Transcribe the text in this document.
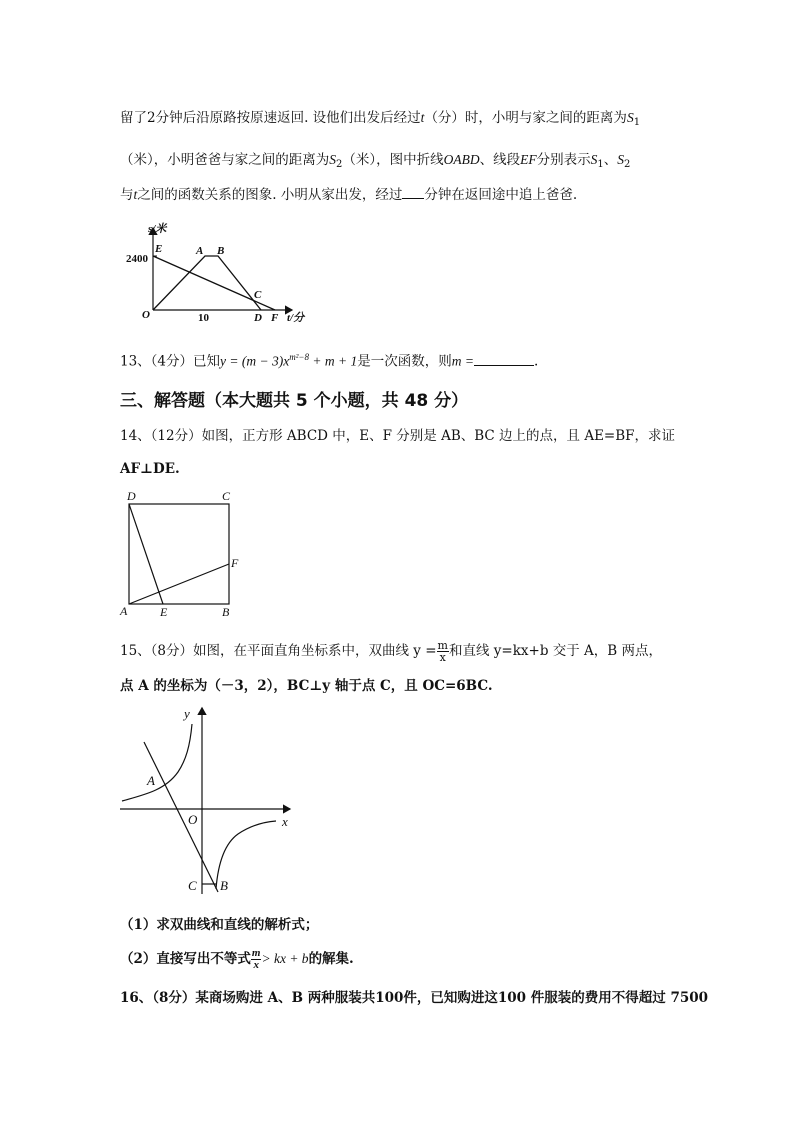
留了2分钟后沿原路按原速返回. 设他们出发后经过t（分）时，小明与家之间的距离为$S_1$
（米），小明爸爸与家之间的距离为$S_2$（米），图中折线OABD、线段EF分别表示$S_1$、$S_2$
与t之间的函数关系的图象. 小明从家出发，经过 分钟在返回途中追上爸爸.
s/米
t/分
2400
10
O
E	A B
C
D F
13、（4分）已知$y = (m - 3)x^{m^2-8} + m + 1$是一次函数，则m =	.
三、解答题（本大题共 5 个小题，共 48 分）
14、（12分）如图，正方形 ABCD 中，E、F 分别是 AB、BC 边上的点，且 AE=BF，求证
AF⊥DE.
D	C
F
A	E	B
15、（8分）如图，在平面直角坐标系中，双曲线 $y = \frac{m}{x}$ 和直线 y=kx+b 交于 A，B 两点，
点 A 的坐标为（－3，2），BC⊥y 轴于点 C，且 OC=6BC.
y
x
A
O
C B
（1）求双曲线和直线的解析式；
（2）直接写出不等式 $\frac{m}{x}$ > kx + b的解集.
16、（8分）某商场购进 A、B 两种服装共100件，已知购进这100 件服装的费用不得超过 7500
